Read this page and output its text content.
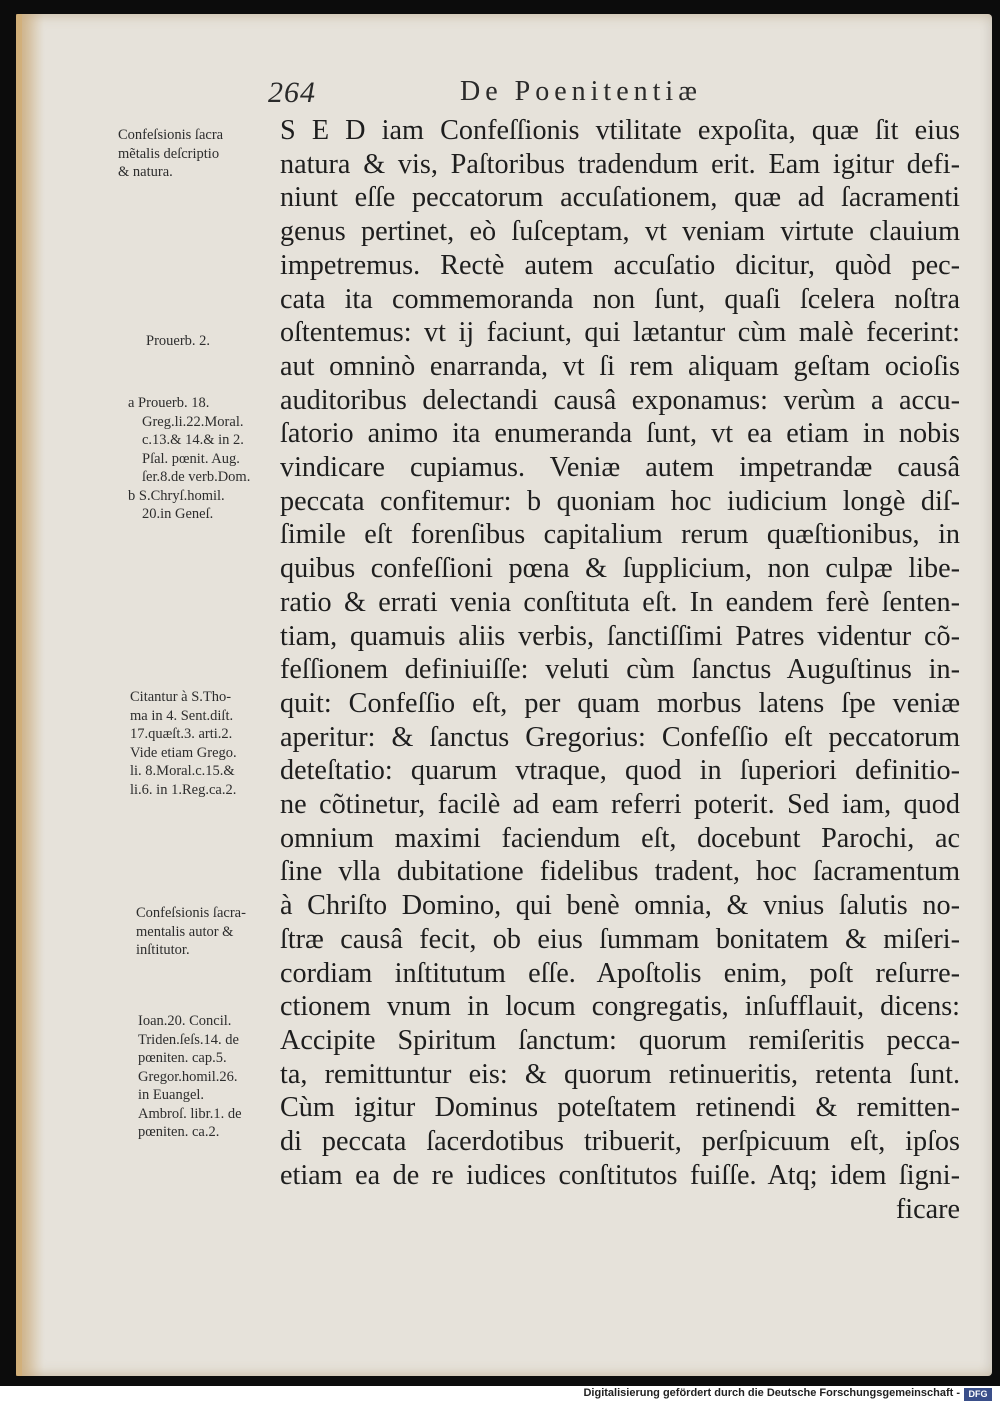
264	De Poenitentiæ
Confeſsionis ſacra
mẽtalis deſcriptio
& natura.
Prouerb. 2.
a Prouerb. 18.
Greg.li.22.Moral.
c.13.& 14.& in 2.
Pſal. pœnit. Aug.
ſer.8.de verb.Dom.
b S.Chryſ.homil.
20.in Geneſ.
Citantur à S.Tho-
ma in 4. Sent.diſt.
17.quæſt.3. arti.2.
Vide etiam Grego.
li. 8.Moral.c.15.&
li.6. in 1.Reg.ca.2.
Confeſsionis ſacra-
mentalis autor &
inſtitutor.
Ioan.20. Concil.
Triden.ſeſs.14. de
pœniten. cap.5.
Gregor.homil.26.
in Euangel.
Ambroſ. libr.1. de
pœniten. ca.2.
S E D iam Confeſſionis vtilitate expoſita, quæ ſit eius
natura & vis, Paſtoribus tradendum erit. Eam igitur defi-
niunt eſſe peccatorum accuſationem, quæ ad ſacramenti
genus pertinet, eò ſuſceptam, vt veniam virtute clauium
impetremus. Rectè autem accuſatio dicitur, quòd pec-
cata ita commemoranda non ſunt, quaſi ſcelera noſtra
oſtentemus: vt ij faciunt, qui lætantur cùm malè fecerint:
aut omninò enarranda, vt ſi rem aliquam geſtam ocioſis
auditoribus delectandi causâ exponamus: verùm a accu-
ſatorio animo ita enumeranda ſunt, vt ea etiam in nobis
vindicare cupiamus. Veniæ autem impetrandæ causâ
peccata confitemur: b quoniam hoc iudicium longè diſ-
ſimile eſt forenſibus capitalium rerum quæſtionibus, in
quibus confeſſioni pœna & ſupplicium, non culpæ libe-
ratio & errati venia conſtituta eſt. In eandem ferè ſenten-
tiam, quamuis aliis verbis, ſanctiſſimi Patres videntur cõ-
feſſionem definiuiſſe: veluti cùm ſanctus Auguſtinus in-
quit: Confeſſio eſt, per quam morbus latens ſpe veniæ
aperitur: & ſanctus Gregorius: Confeſſio eſt peccatorum
deteſtatio: quarum vtraque, quod in ſuperiori definitio-
ne cõtinetur, facilè ad eam referri poterit. Sed iam, quod
omnium maximi faciendum eſt, docebunt Parochi, ac
ſine vlla dubitatione fidelibus tradent, hoc ſacramentum
à Chriſto Domino, qui benè omnia, & vnius ſalutis no-
ſtræ causâ fecit, ob eius ſummam bonitatem & miſeri-
cordiam inſtitutum eſſe. Apoſtolis enim, poſt reſurre-
ctionem vnum in locum congregatis, inſufflauit, dicens:
Accipite Spiritum ſanctum: quorum remiſeritis pecca-
ta, remittuntur eis: & quorum retinueritis, retenta ſunt.
Cùm igitur Dominus poteſtatem retinendi & remitten-
di peccata ſacerdotibus tribuerit, perſpicuum eſt, ipſos
etiam ea de re iudices conſtitutos fuiſſe. Atq; idem ſigni-
ficare
Digitalisierung gefördert durch die Deutsche Forschungsgemeinschaft - DFG
